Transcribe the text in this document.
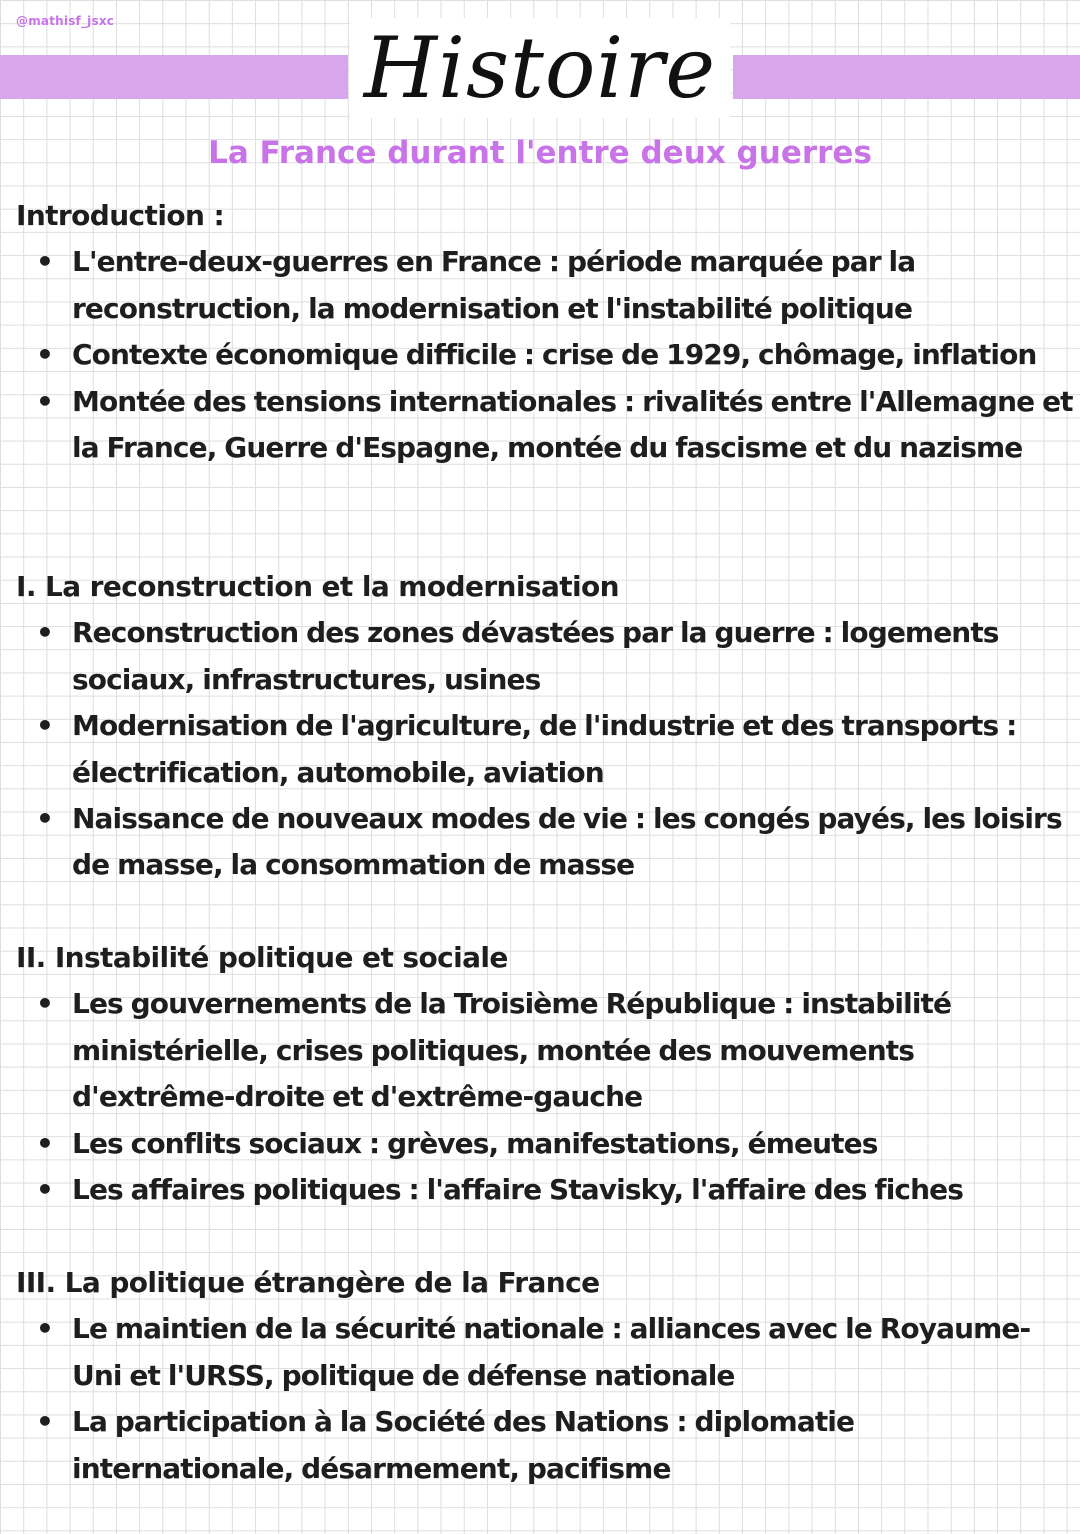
@mathisf_jsxc	Histoire
La France durant l'entre deux guerres
Introduction :
• L'entre-deux-guerres en France : période marquée par la reconstruction, la modernisation et l'instabilité politique
• Contexte économique difficile : crise de 1929, chômage, inflation
• Montée des tensions internationales : rivalités entre l'Allemagne et la France, Guerre d'Espagne, montée du fascisme et du nazisme
I. La reconstruction et la modernisation
• Reconstruction des zones dévastées par la guerre : logements sociaux, infrastructures, usines
• Modernisation de l'agriculture, de l'industrie et des transports : électrification, automobile, aviation
• Naissance de nouveaux modes de vie : les congés payés, les loisirs de masse, la consommation de masse
II. Instabilité politique et sociale
• Les gouvernements de la Troisième République : instabilité ministérielle, crises politiques, montée des mouvements d'extrême-droite et d'extrême-gauche
• Les conflits sociaux : grèves, manifestations, émeutes
• Les affaires politiques : l'affaire Stavisky, l'affaire des fiches
III. La politique étrangère de la France
• Le maintien de la sécurité nationale : alliances avec le Royaume-Uni et l'URSS, politique de défense nationale
• La participation à la Société des Nations : diplomatie internationale, désarmement, pacifisme
